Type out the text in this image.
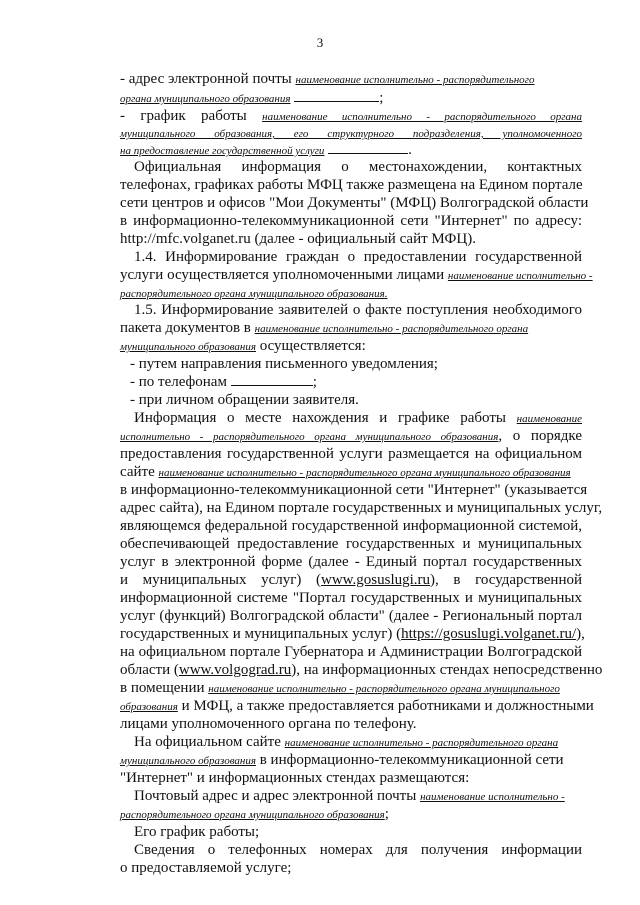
3
- адрес электронной почты наименование исполнительно - распорядительного
органа муниципального образования	;
- график работы наименование исполнительно - распорядительного органа
муниципального образования, его структурного подразделения, уполномоченного
на предоставление государственной услуги	.
Официальная информация о местонахождении, контактных
телефонах, графиках работы МФЦ также размещена на Едином портале
сети центров и офисов "Мои Документы" (МФЦ) Волгоградской области
в информационно-телекоммуникационной сети "Интернет" по адресу:
http://mfc.volganet.ru (далее - официальный сайт МФЦ).
1.4. Информирование граждан о предоставлении государственной
услуги осуществляется уполномоченными лицами наименование исполнительно -
распорядительного органа муниципального образования.
1.5. Информирование заявителей о факте поступления необходимого
пакета документов в наименование исполнительно - распорядительного органа
муниципального образования осуществляется:
- путем направления письменного уведомления;
- по телефонам	;
- при личном обращении заявителя.
Информация о месте нахождения и графике работы наименование
исполнительно - распорядительного органа муниципального образования, о порядке
предоставления государственной услуги размещается на официальном
сайте наименование исполнительно - распорядительного органа муниципального образования
в информационно-телекоммуникационной сети "Интернет" (указывается
адрес сайта), на Едином портале государственных и муниципальных услуг,
являющемся федеральной государственной информационной системой,
обеспечивающей предоставление государственных и муниципальных
услуг в электронной форме (далее - Единый портал государственных
и муниципальных услуг) (www.gosuslugi.ru), в государственной
информационной системе "Портал государственных и муниципальных
услуг (функций) Волгоградской области" (далее - Региональный портал
государственных и муниципальных услуг) (https://gosuslugi.volganet.ru/),
на официальном портале Губернатора и Администрации Волгоградской
области (www.volgograd.ru), на информационных стендах непосредственно
в помещении наименование исполнительно - распорядительного органа муниципального
образования и МФЦ, а также предоставляется работниками и должностными
лицами уполномоченного органа по телефону.
На официальном сайте наименование исполнительно - распорядительного органа
муниципального образования в информационно-телекоммуникационной сети
"Интернет" и информационных стендах размещаются:
Почтовый адрес и адрес электронной почты наименование исполнительно -
распорядительного органа муниципального образования;
Его график работы;
Сведения о телефонных номерах для получения информации
о предоставляемой услуге;
